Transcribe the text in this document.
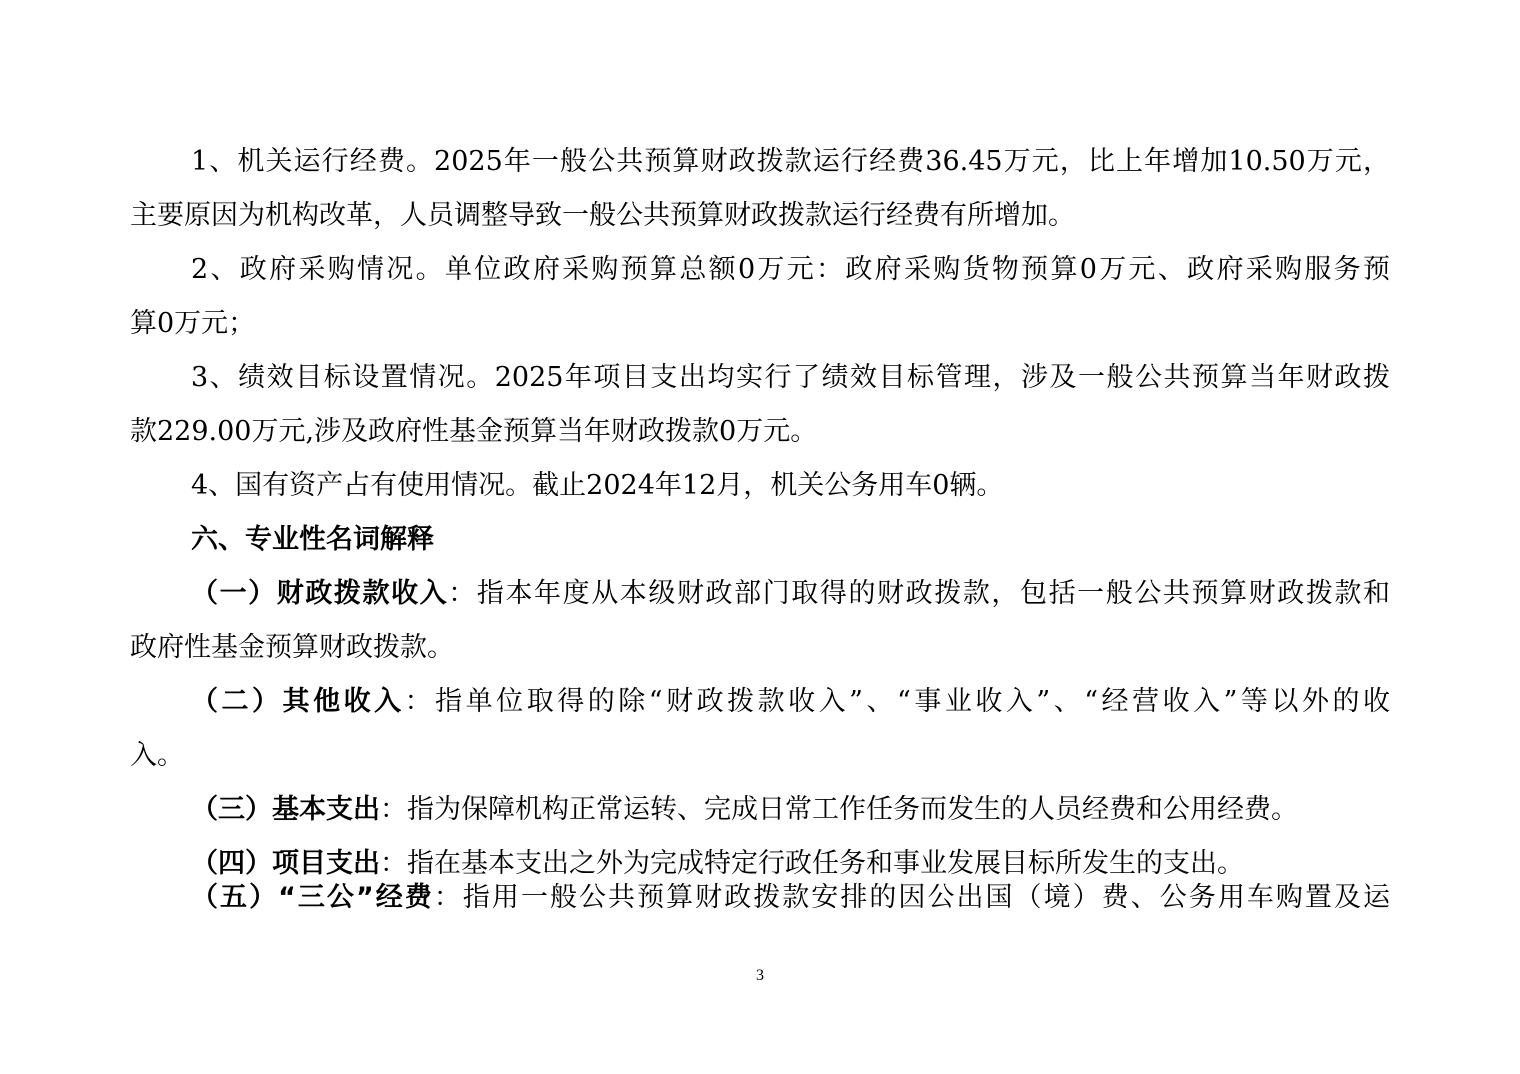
1、机关运行经费。2025年一般公共预算财政拨款运行经费36.45万元，比上年增加10.50万元，
主要原因为机构改革，人员调整导致一般公共预算财政拨款运行经费有所增加。
2、政府采购情况。单位政府采购预算总额0万元：政府采购货物预算0万元、政府采购服务预
算0万元；
3、绩效目标设置情况。2025年项目支出均实行了绩效目标管理，涉及一般公共预算当年财政拨
款229.00万元,涉及政府性基金预算当年财政拨款0万元。
4、国有资产占有使用情况。截止2024年12月，机关公务用车0辆。
六、专业性名词解释
（一）财政拨款收入：指本年度从本级财政部门取得的财政拨款，包括一般公共预算财政拨款和
政府性基金预算财政拨款。
（二）其他收入：指单位取得的除“财政拨款收入”、“事业收入”、“经营收入”等以外的收
入。
（三）基本支出：指为保障机构正常运转、完成日常工作任务而发生的人员经费和公用经费。
（四）项目支出：指在基本支出之外为完成特定行政任务和事业发展目标所发生的支出。
（五）“三公”经费：指用一般公共预算财政拨款安排的因公出国（境）费、公务用车购置及运
3
